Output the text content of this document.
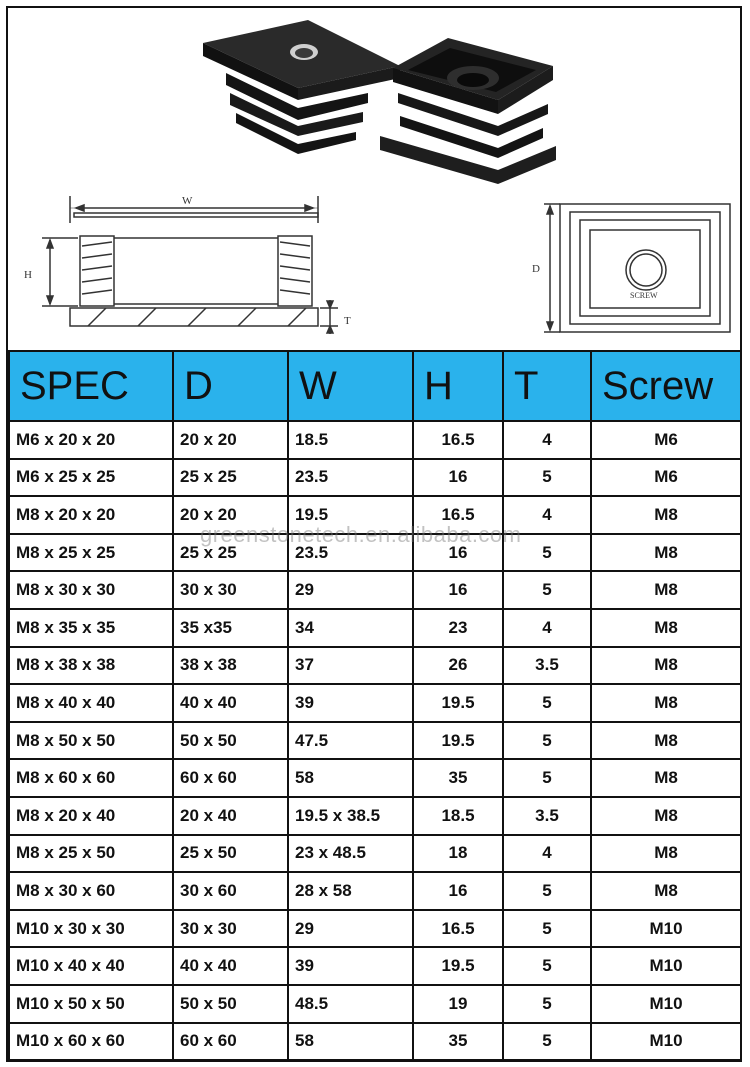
W
H
T
D
SCREW
SPEC	D	W	H	T	Screw
M6 x 20 x 20	20 x 20	18.5	16.5	4	M6
M6 x 25 x 25	25 x 25	23.5	16	5	M6
M8 x 20 x 20	20 x 20	19.5	16.5	4	M8
M8 x 25 x 25	25 x 25	23.5	16	5	M8
M8 x 30 x 30	30 x 30	29	16	5	M8
M8 x 35 x 35	35 x35	34	23	4	M8
M8 x 38 x 38	38 x 38	37	26	3.5	M8
M8 x 40 x 40	40 x 40	39	19.5	5	M8
M8 x 50 x 50	50 x 50	47.5	19.5	5	M8
M8 x 60 x 60	60 x 60	58	35	5	M8
M8 x 20 x 40	20 x 40	19.5 x 38.5	18.5	3.5	M8
M8 x 25 x 50	25 x 50	23 x 48.5	18	4	M8
M8 x 30 x 60	30 x 60	28 x 58	16	5	M8
M10 x 30 x 30	30 x 30	29	16.5	5	M10
M10 x 40 x 40	40 x 40	39	19.5	5	M10
M10 x 50 x 50	50 x 50	48.5	19	5	M10
M10 x 60 x 60	60 x 60	58	35	5	M10
greenstonetech.en.alibaba.com
